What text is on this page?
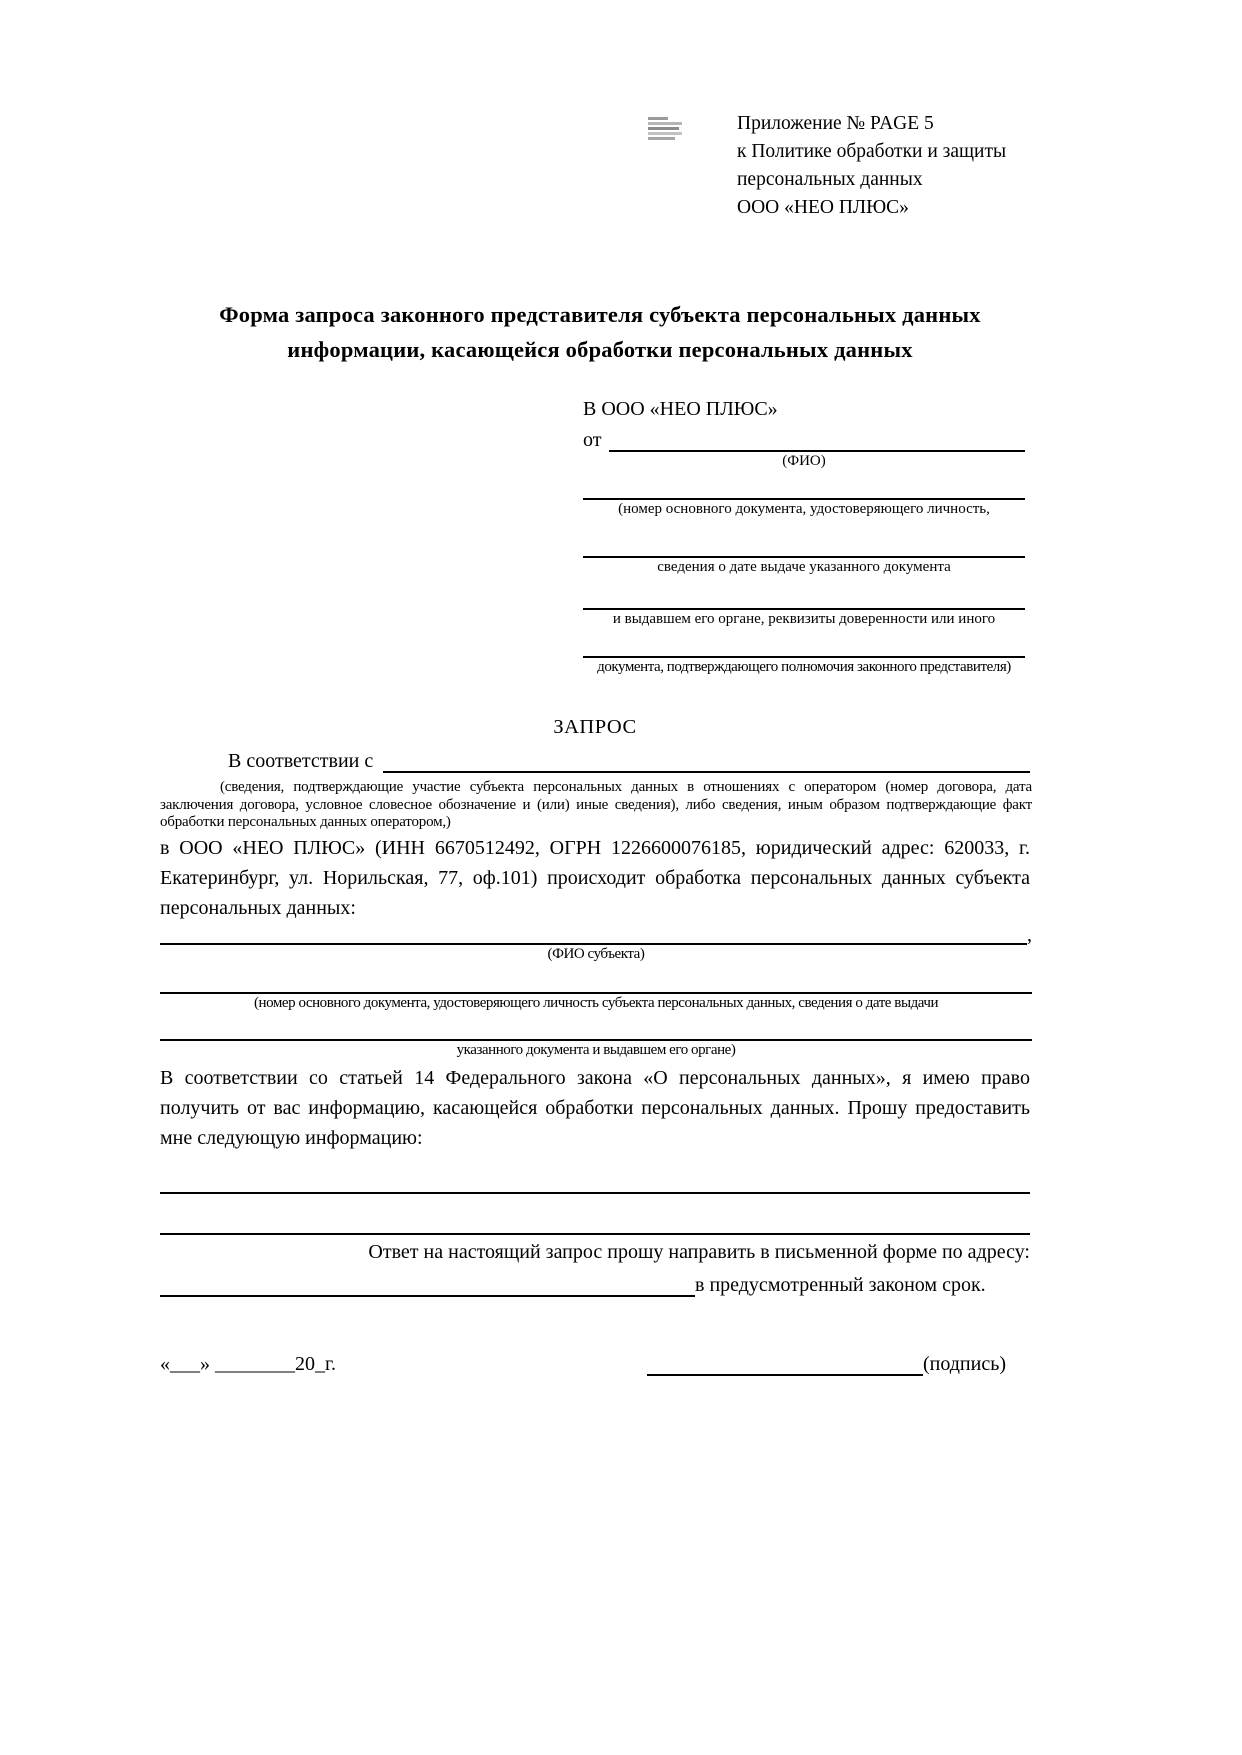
Приложение № PAGE 5
к Политике обработки и защиты
персональных данных
ООО «НЕО ПЛЮС»
Форма запроса законного представителя субъекта персональных данных информации, касающейся обработки персональных данных
В ООО «НЕО ПЛЮС»
от
(ФИО)
(номер основного документа, удостоверяющего личность,
сведения о дате выдаче указанного документа
и выдавшем его органе, реквизиты доверенности или иного
документа, подтверждающего полномочия законного представителя)
ЗАПРОС
В соответствии с
(сведения, подтверждающие участие субъекта персональных данных в отношениях с оператором (номер договора, дата заключения договора, условное словесное обозначение и (или) иные сведения), либо сведения, иным образом подтверждающие факт обработки персональных данных оператором,)
в ООО «НЕО ПЛЮС» (ИНН 6670512492, ОГРН 1226600076185, юридический адрес: 620033, г. Екатеринбург, ул. Норильская, 77, оф.101) происходит обработка персональных данных субъекта персональных данных:
,
(ФИО субъекта)
(номер основного документа, удостоверяющего личность субъекта персональных данных, сведения о дате выдачи
указанного документа и выдавшем его органе)
В соответствии со статьей 14 Федерального закона «О персональных данных», я имею право получить от вас информацию, касающейся обработки персональных данных. Прошу предоставить мне следующую информацию:
Ответ на настоящий запрос прошу направить в письменной форме по адресу:
в предусмотренный законом срок.
«___» ________20_г.	(подпись)
